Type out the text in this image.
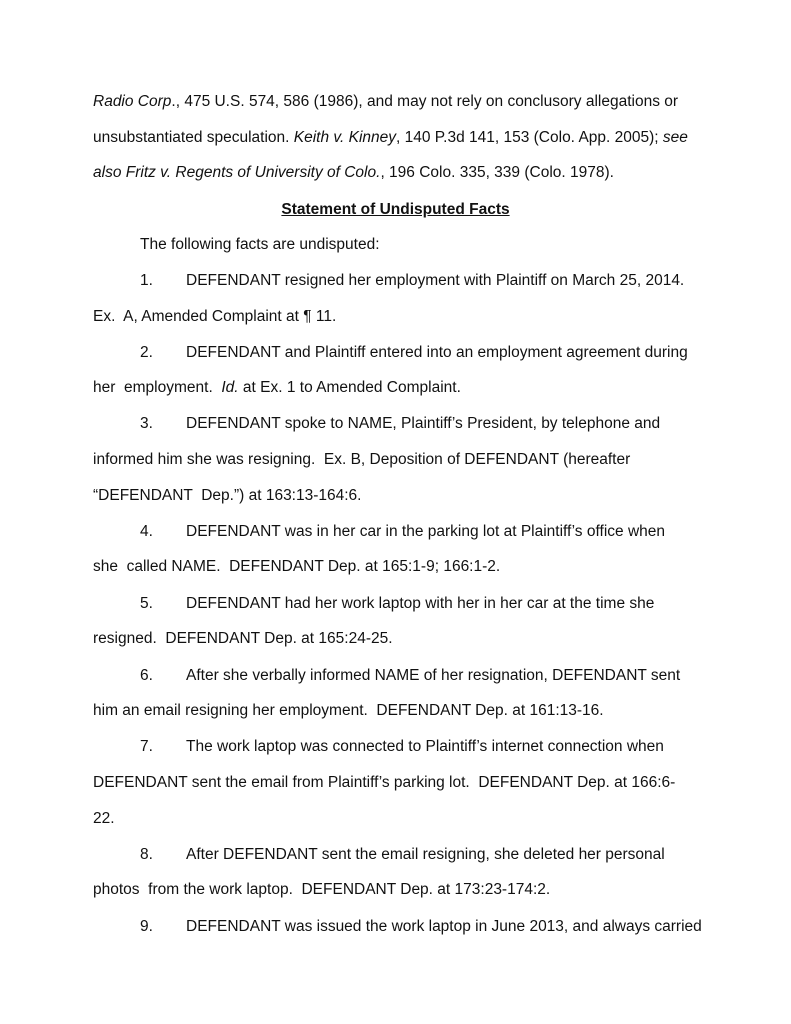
Radio Corp., 475 U.S. 574, 586 (1986), and may not rely on conclusory allegations or
unsubstantiated speculation. Keith v. Kinney, 140 P.3d 141, 153 (Colo. App. 2005); see
also Fritz v. Regents of University of Colo., 196 Colo. 335, 339 (Colo. 1978).
Statement of Undisputed Facts
The following facts are undisputed:
1. DEFENDANT resigned her employment with Plaintiff on March 25, 2014.
Ex.  A, Amended Complaint at ¶ 11.
2. DEFENDANT and Plaintiff entered into an employment agreement during
her  employment.  Id. at Ex. 1 to Amended Complaint.
3. DEFENDANT spoke to NAME, Plaintiff’s President, by telephone and
informed him she was resigning.  Ex. B, Deposition of DEFENDANT (hereafter
“DEFENDANT  Dep.”) at 163:13-164:6.
4. DEFENDANT was in her car in the parking lot at Plaintiff’s office when
she  called NAME.  DEFENDANT Dep. at 165:1-9; 166:1-2.
5. DEFENDANT had her work laptop with her in her car at the time she
resigned.  DEFENDANT Dep. at 165:24-25.
6. After she verbally informed NAME of her resignation, DEFENDANT sent
him an email resigning her employment.  DEFENDANT Dep. at 161:13-16.
7. The work laptop was connected to Plaintiff’s internet connection when
DEFENDANT sent the email from Plaintiff’s parking lot.  DEFENDANT Dep. at 166:6-
22.
8. After DEFENDANT sent the email resigning, she deleted her personal
photos  from the work laptop.  DEFENDANT Dep. at 173:23-174:2.
9. DEFENDANT was issued the work laptop in June 2013, and always carried
